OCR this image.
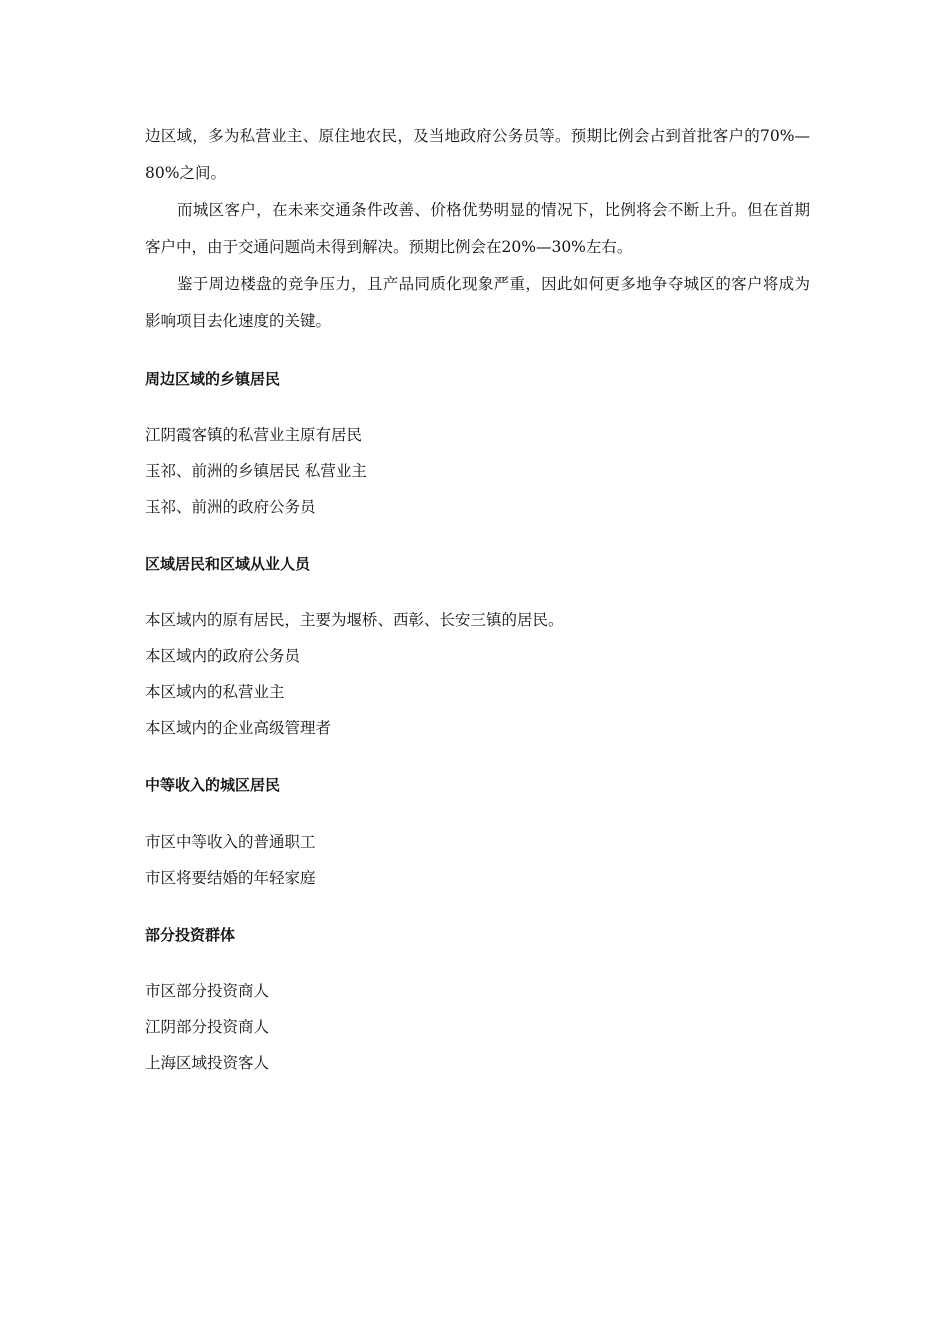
边区域，多为私营业主、原住地农民，及当地政府公务员等。预期比例会占到首批客户的70%—80%之间。

而城区客户，在未来交通条件改善、价格优势明显的情况下，比例将会不断上升。但在首期客户中，由于交通问题尚未得到解决。预期比例会在20%—30%左右。

鉴于周边楼盘的竞争压力，且产品同质化现象严重，因此如何更多地争夺城区的客户将成为影响项目去化速度的关键。

周边区域的乡镇居民
江阴霞客镇的私营业主原有居民
玉祁、前洲的乡镇居民 私营业主
玉祁、前洲的政府公务员
区域居民和区域从业人员
本区域内的原有居民，主要为堰桥、西彰、长安三镇的居民。
本区域内的政府公务员
本区域内的私营业主
本区域内的企业高级管理者
中等收入的城区居民
市区中等收入的普通职工
市区将要结婚的年轻家庭
部分投资群体
市区部分投资商人
江阴部分投资商人
上海区域投资客人
